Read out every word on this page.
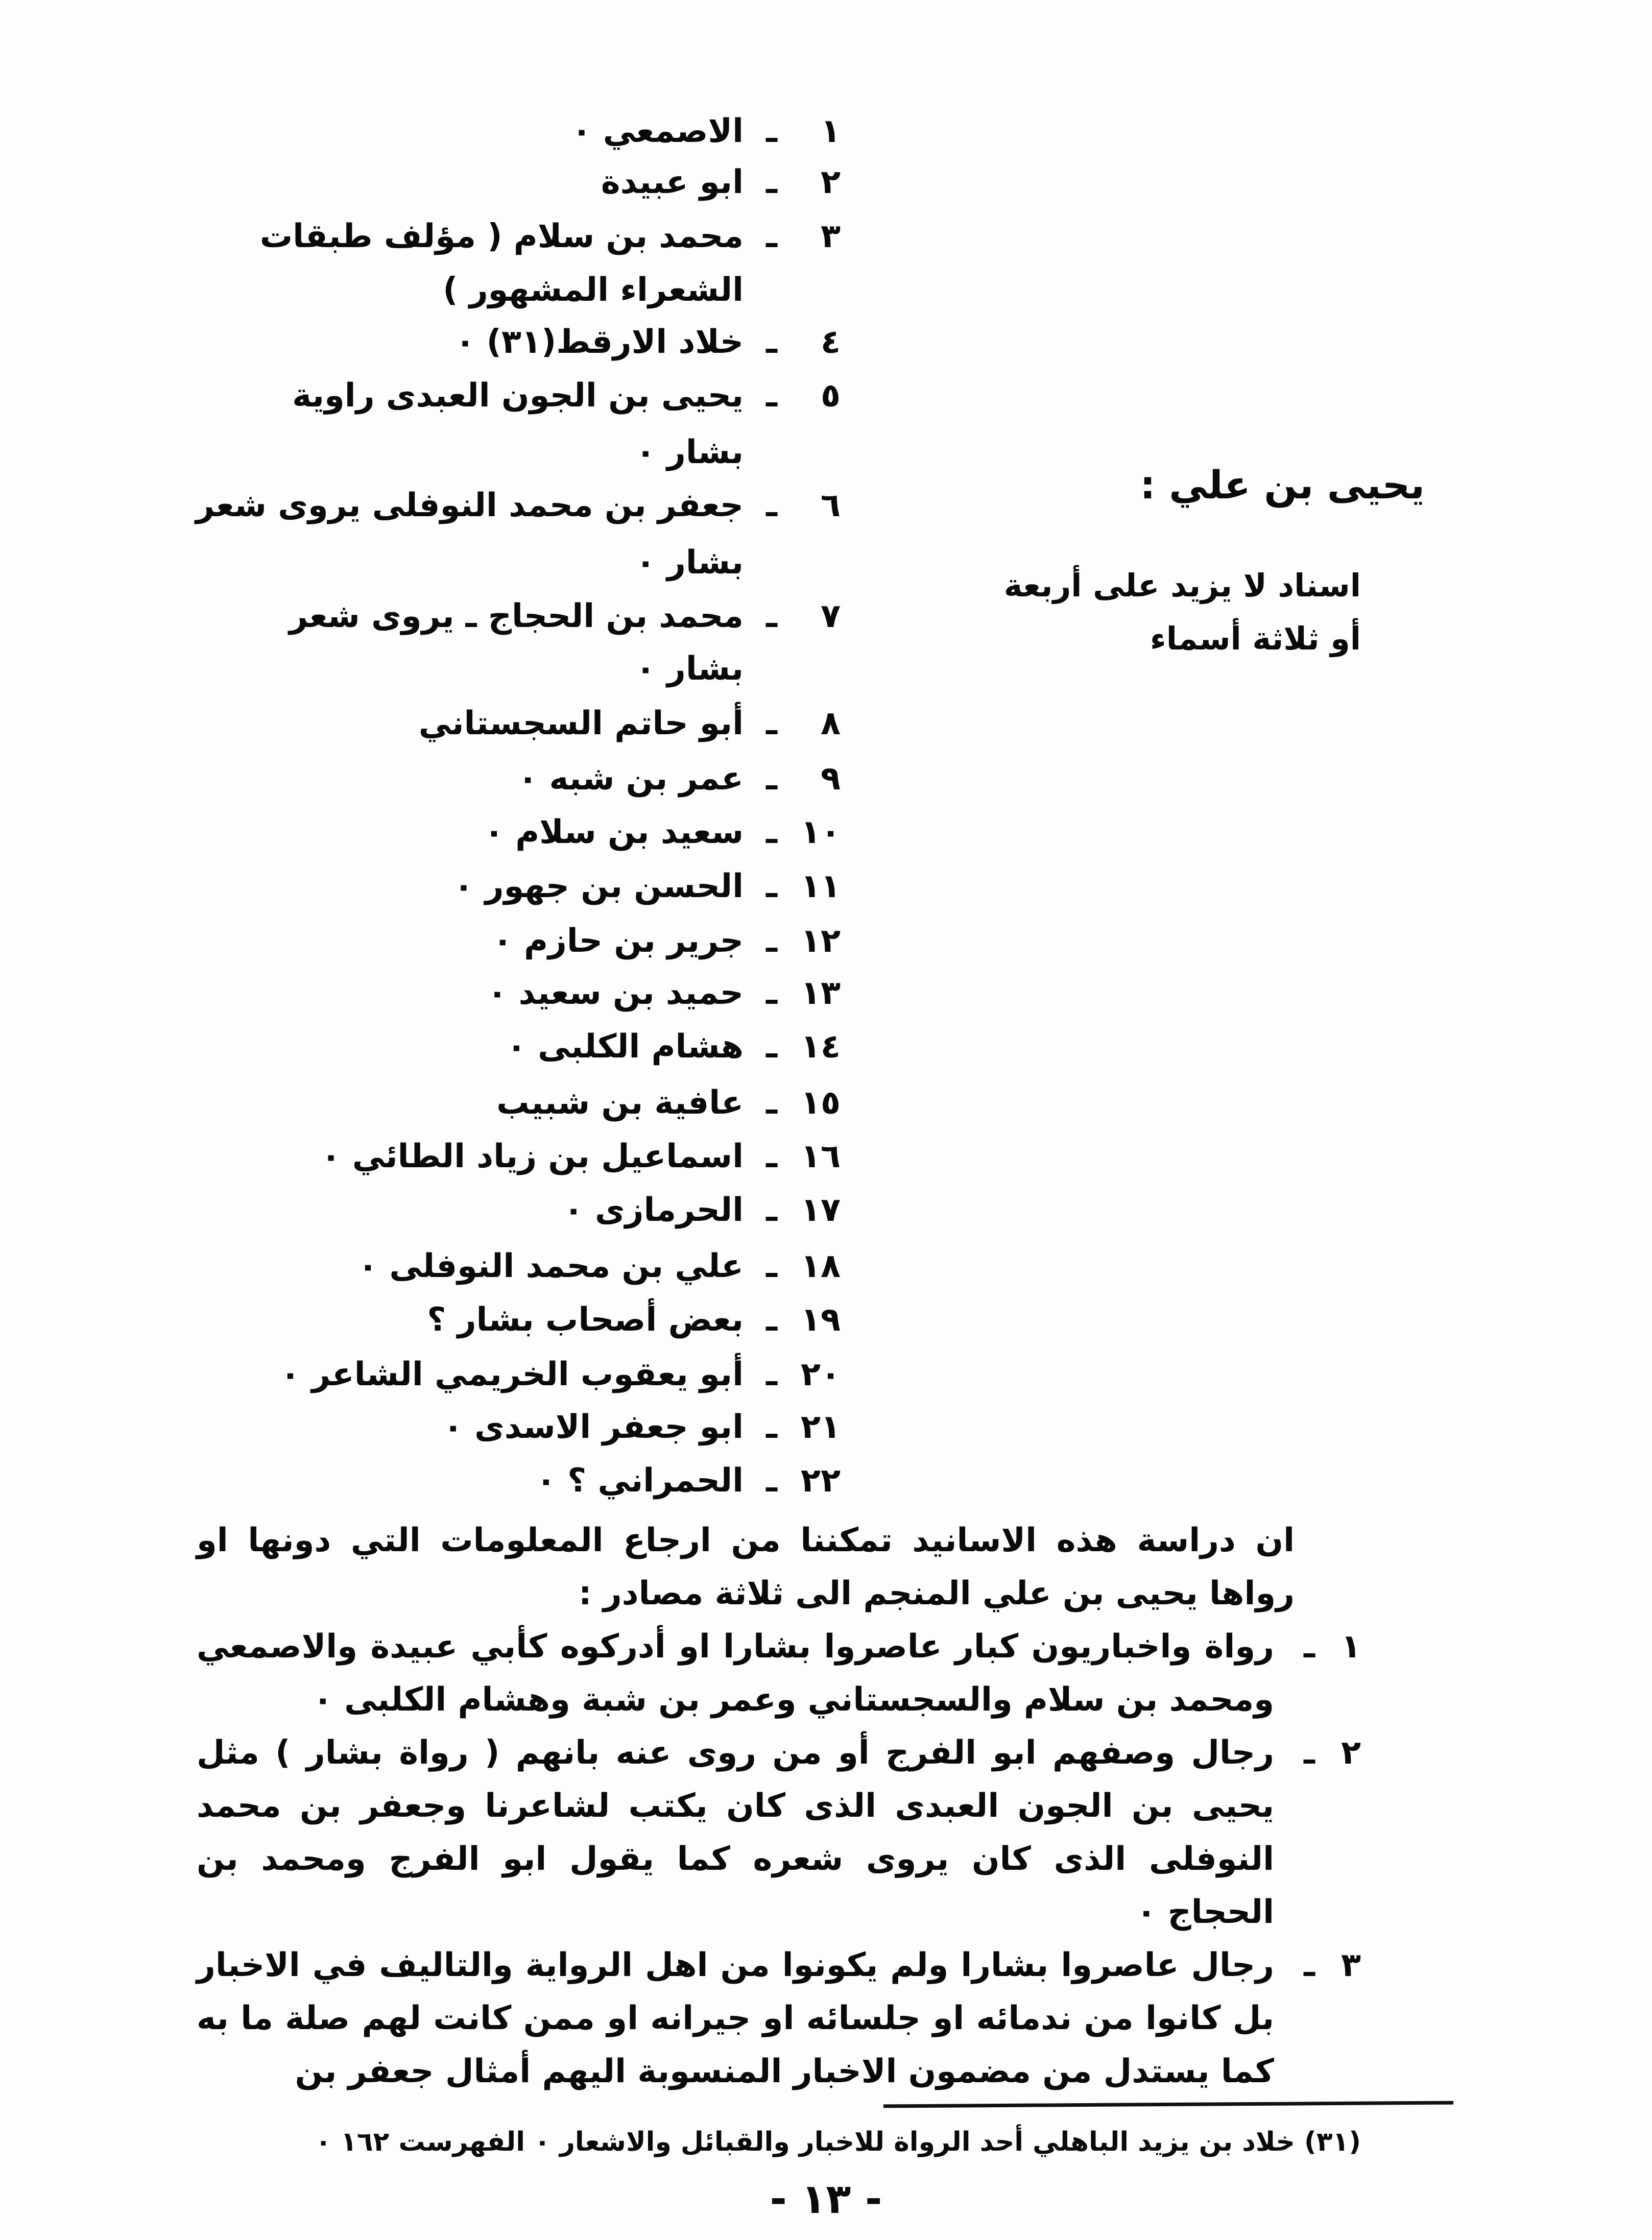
١
ـ
الاصمعي ٠
٢
ـ
ابو عبيدة
٣
ـ
محمد بن سلام ( مؤلف طبقات
الشعراء المشهور )
٤
ـ
خلاد الارقط(٣١) ٠
٥
ـ
يحيى بن الجون العبدى راوية
بشار ٠
٦
ـ
جعفر بن محمد النوفلى يروى شعر
بشار ٠
٧
ـ
محمد بن الحجاج ـ يروى شعر
بشار ٠
٨
ـ
أبو حاتم السجستاني
٩
ـ
عمر بن شبه ٠
١٠
ـ
سعيد بن سلام ٠
١١
ـ
الحسن بن جهور ٠
١٢
ـ
جرير بن حازم ٠
١٣
ـ
حميد بن سعيد ٠
١٤
ـ
هشام الكلبى ٠
١٥
ـ
عافية بن شبيب
١٦
ـ
اسماعيل بن زياد الطائي ٠
١٧
ـ
الحرمازى ٠
١٨
ـ
علي بن محمد النوفلى ٠
١٩
ـ
بعض أصحاب بشار ؟
٢٠
ـ
أبو يعقوب الخريمي الشاعر ٠
٢١
ـ
ابو جعفر الاسدى ٠
٢٢
ـ
الحمراني ؟ ٠
يحيى بن علي :
اسناد لا يزيد على أربعة
أو ثلاثة أسماء

ان دراسة هذه الاسانيد تمكننا من ارجاع المعلومات التي دونها او رواها يحيى بن علي المنجم الى ثلاثة مصادر :

١
ـ
رواة واخباريون كبار عاصروا بشارا او أدركوه كأبي عبيدة والاصمعي ومحمد بن سلام والسجستاني وعمر بن شبة وهشام الكلبى ٠
٢
ـ
رجال وصفهم ابو الفرج أو من روى عنه بانهم ( رواة بشار ) مثل يحيى بن الجون العبدى الذى كان يكتب لشاعرنا وجعفر بن محمد النوفلى الذى كان يروى شعره كما يقول ابو الفرج ومحمد بن الحجاج ٠
٣
ـ
رجال عاصروا بشارا ولم يكونوا من اهل الرواية والتاليف في الاخبار بل كانوا من ندمائه او جلسائه او جيرانه او ممن كانت لهم صلة ما به كما يستدل من مضمون الاخبار المنسوبة اليهم أمثال جعفر بن
(٣١) خلاد بن يزيد الباهلي أحد الرواة للاخبار والقبائل والاشعار ٠ الفهرست ١٦٢ ٠
- ١٣ -
